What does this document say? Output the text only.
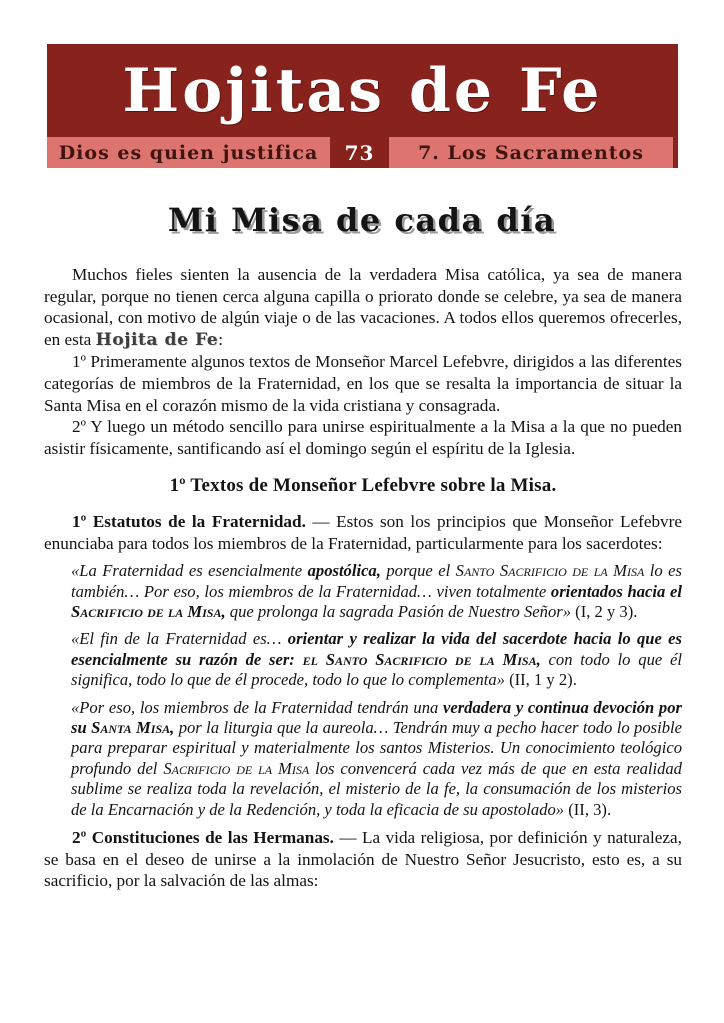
Hojitas de Fe
Dios es quien justifica	73	7. Los Sacramentos
Mi Misa de cada día

Muchos fieles sienten la ausencia de la verdadera Misa católica, ya sea de manera regular, porque no tienen cerca alguna capilla o priorato donde se celebre, ya sea de manera ocasional, con motivo de algún viaje o de las vacaciones. A todos ellos queremos ofrecerles, en esta Hojita de Fe:

1º Primeramente algunos textos de Monseñor Marcel Lefebvre, dirigidos a las diferentes categorías de miembros de la Fraternidad, en los que se resalta la importancia de situar la Santa Misa en el corazón mismo de la vida cristiana y consagrada.

2º Y luego un método sencillo para unirse espiritualmente a la Misa a la que no pueden asistir físicamente, santificando así el domingo según el espíritu de la Iglesia.

1º Textos de Monseñor Lefebvre sobre la Misa.

1º Estatutos de la Fraternidad. — Estos son los principios que Monseñor Lefebvre enunciaba para todos los miembros de la Fraternidad, particularmente para los sacerdotes:

«La Fraternidad es esencialmente apostólica, porque el Santo Sacrificio de la Misa lo es también… Por eso, los miembros de la Fraternidad… viven totalmente orientados hacia el Sacrificio de la Misa, que prolonga la sagrada Pasión de Nuestro Señor» (I, 2 y 3).

«El fin de la Fraternidad es… orientar y realizar la vida del sacerdote hacia lo que es esencialmente su razón de ser: el Santo Sacrificio de la Misa, con todo lo que él significa, todo lo que de él procede, todo lo que lo complementa» (II, 1 y 2).

«Por eso, los miembros de la Fraternidad tendrán una verdadera y continua devoción por su Santa Misa, por la liturgia que la aureola… Tendrán muy a pecho hacer todo lo posible para preparar espiritual y materialmente los santos Misterios. Un conocimiento teológico profundo del Sacrificio de la Misa los convencerá cada vez más de que en esta realidad sublime se realiza toda la revelación, el misterio de la fe, la consumación de los misterios de la Encarnación y de la Redención, y toda la eficacia de su apostolado» (II, 3).

2º Constituciones de las Hermanas. — La vida religiosa, por definición y naturaleza, se basa en el deseo de unirse a la inmolación de Nuestro Señor Jesucristo, esto es, a su sacrificio, por la salvación de las almas:
